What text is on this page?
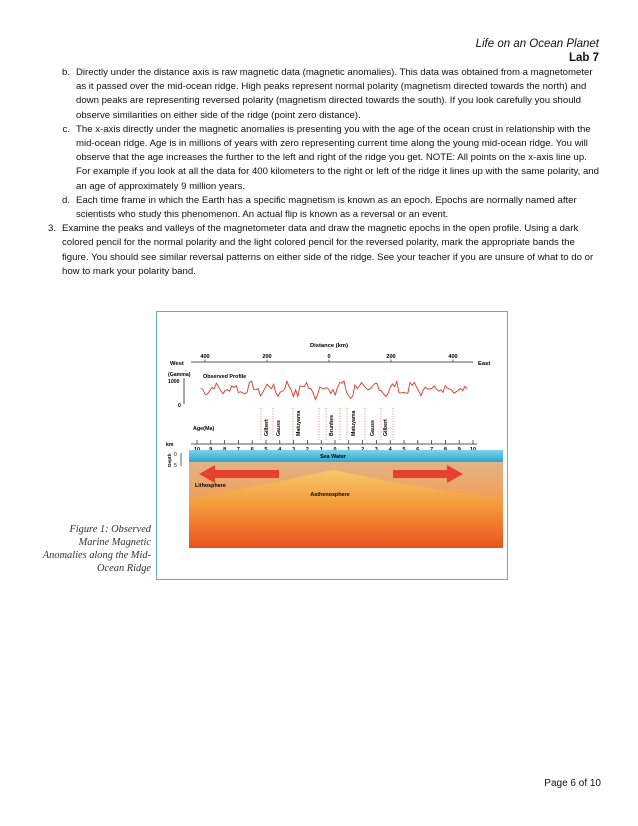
Life on an Ocean Planet
Lab 7
b. Directly under the distance axis is raw magnetic data (magnetic anomalies). This data was obtained from a magnetometer as it passed over the mid-ocean ridge. High peaks represent normal polarity (magnetism directed towards the north) and down peaks are representing reversed polarity (magnetism directed towards the south). If you look carefully you should observe similarities on either side of the ridge (point zero distance).
c. The x-axis directly under the magnetic anomalies is presenting you with the age of the ocean crust in relationship with the mid-ocean ridge. Age is in millions of years with zero representing current time along the young mid-ocean ridge. You will observe that the age increases the further to the left and right of the ridge you get. NOTE: All points on the x-axis line up. For example if you look at all the data for 400 kilometers to the right or left of the ridge it lines up with the same polarity, and an age of approximately 9 million years.
d. Each time frame in which the Earth has a specific magnetism is known as an epoch. Epochs are normally named after scientists who study this phenomenon. An actual flip is known as a reversal or an event.
3. Examine the peaks and valleys of the magnetometer data and draw the magnetic epochs in the open profile. Using a dark colored pencil for the normal polarity and the light colored pencil for the reversed polarity, mark the appropriate bands the figure. You should see similar reversal patterns on either side of the ridge. See your teacher if you are unsure of what to do or how to mark your polarity band.
Distance (km)
West	East
400	200	0	200	400
(Gamma)
1000
0
Observed Profile
Age(Ma)	Gilbert Gauss	Matuyama	Brunhes	Matuyama	Gauss Gilbert
km
Depth 0
5
Sea Water
Lithosphere
Asthenosphere
Figure 1: Observed Marine Magnetic Anomalies along the Mid-Ocean Ridge
Page 6 of 10
